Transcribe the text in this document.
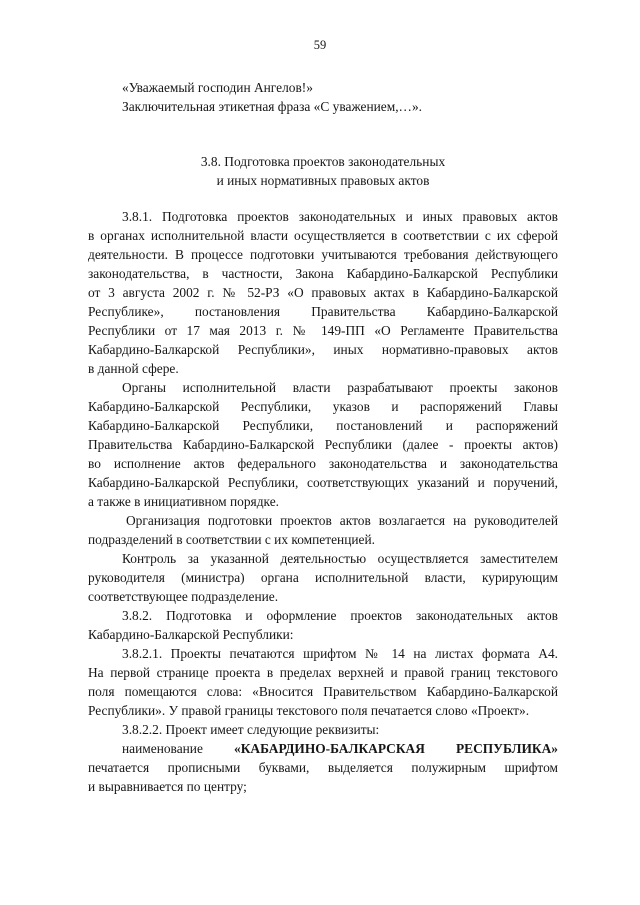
59
«Уважаемый господин Ангелов!»
Заключительная этикетная фраза «С уважением,…».
3.8. Подготовка проектов законодательных
и иных нормативных правовых актов
3.8.1. Подготовка проектов законодательных и иных правовых актов
в органах исполнительной власти осуществляется в соответствии с их сферой
деятельности. В процессе подготовки учитываются требования действующего
законодательства, в частности, Закона Кабардино-Балкарской Республики
от 3 августа 2002 г. № 52-РЗ «О правовых актах в Кабардино-Балкарской
Республике», постановления Правительства Кабардино-Балкарской
Республики от 17 мая 2013 г. № 149-ПП «О Регламенте Правительства
Кабардино-Балкарской Республики», иных нормативно-правовых актов
в данной сфере.
Органы исполнительной власти разрабатывают проекты законов
Кабардино-Балкарской Республики, указов и распоряжений Главы
Кабардино-Балкарской Республики, постановлений и распоряжений
Правительства Кабардино-Балкарской Республики (далее - проекты актов)
во исполнение актов федерального законодательства и законодательства
Кабардино-Балкарской Республики, соответствующих указаний и поручений,
а также в инициативном порядке.
Организация подготовки проектов актов возлагается на руководителей
подразделений в соответствии с их компетенцией.
Контроль за указанной деятельностью осуществляется заместителем
руководителя (министра) органа исполнительной власти, курирующим
соответствующее подразделение.
3.8.2. Подготовка и оформление проектов законодательных актов
Кабардино-Балкарской Республики:
3.8.2.1. Проекты печатаются шрифтом № 14 на листах формата А4.
На первой странице проекта в пределах верхней и правой границ текстового
поля помещаются слова: «Вносится Правительством Кабардино-Балкарской
Республики». У правой границы текстового поля печатается слово «Проект».
3.8.2.2. Проект имеет следующие реквизиты:
наименование «КАБАРДИНО-БАЛКАРСКАЯ РЕСПУБЛИКА»
печатается прописными буквами, выделяется полужирным шрифтом
и выравнивается по центру;
